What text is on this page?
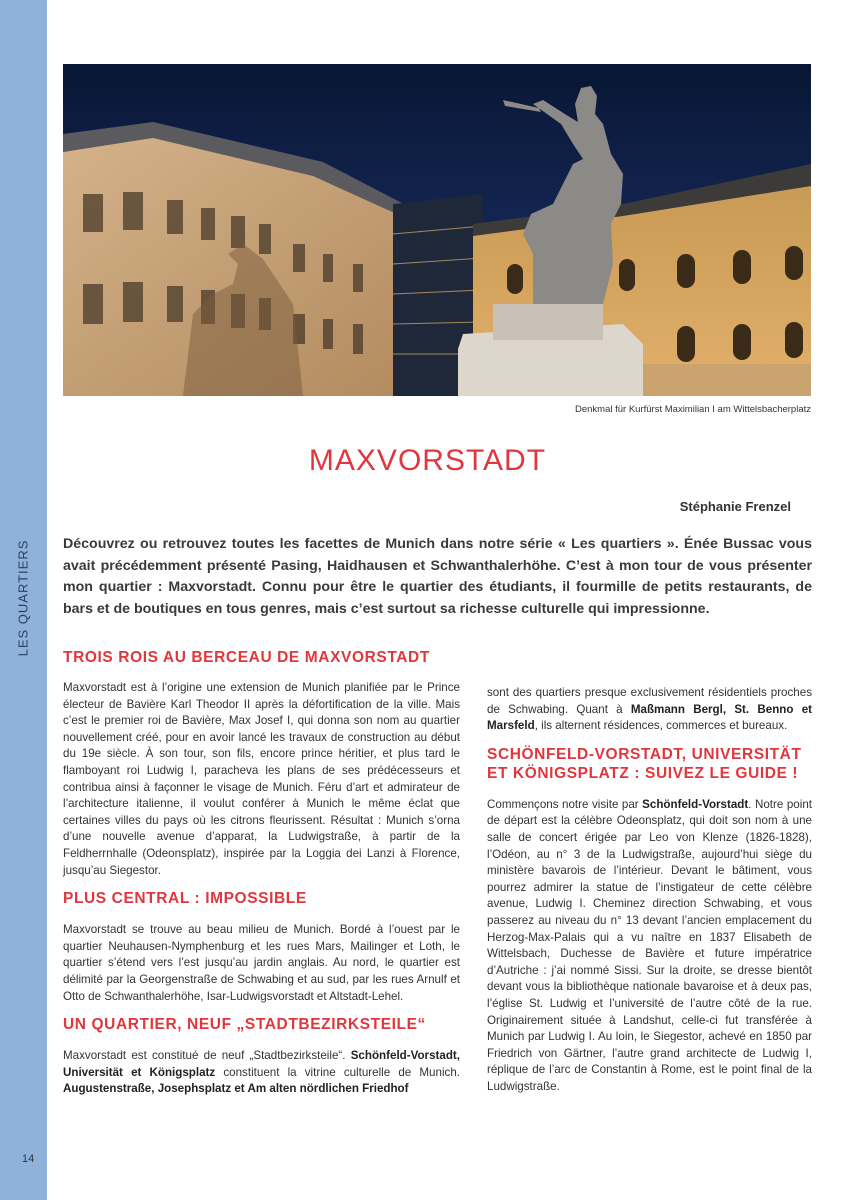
LES QUARTIERS
14
Denkmal für Kurfürst Maximilian I am Wittelsbacherplatz
MAXVORSTADT
Stéphanie Frenzel
Découvrez ou retrouvez toutes les facettes de Munich dans notre série « Les quartiers ». Énée Bussac vous avait précédemment présenté Pasing, Haidhausen et Schwanthalerhöhe. C’est à mon tour de vous présenter mon quartier : Maxvorstadt. Connu pour être le quartier des étudiants, il fourmille de petits restaurants, de bars et de boutiques en tous genres, mais c’est surtout sa richesse culturelle qui impressionne.
TROIS ROIS AU BERCEAU DE MAXVORSTADT

Maxvorstadt est à l’origine une extension de Munich planifiée par le Prince électeur de Bavière Karl Theodor II après la défortification de la ville. Mais c’est le premier roi de Bavière, Max Josef I, qui donna son nom au quartier nouvellement créé, pour en avoir lancé les travaux de construction au début du 19e siècle. À son tour, son fils, encore prince héritier, et plus tard le flamboyant roi Ludwig I, paracheva les plans de ses prédécesseurs et contribua ainsi à façonner le visage de Munich. Féru d’art et admirateur de l’architecture italienne, il voulut conférer à Munich le même éclat que certaines villes du pays où les citrons fleurissent. Résultat : Munich s’orna d’une nouvelle avenue d’apparat, la Ludwigstraße, à partir de la Feldherrnhalle (Odeonsplatz), inspirée par la Loggia dei Lanzi à Florence, jusqu’au Siegestor.

PLUS CENTRAL : IMPOSSIBLE

Maxvorstadt se trouve au beau milieu de Munich. Bordé à l’ouest par le quartier Neuhausen-Nymphenburg et les rues Mars, Mailinger et Loth, le quartier s’étend vers l’est jusqu’au jardin anglais. Au nord, le quartier est délimité par la Georgenstraße de Schwabing et au sud, par les rues Arnulf et Otto de Schwanthalerhöhe, Isar-Ludwigsvorstadt et Altstadt-Lehel.

UN QUARTIER, NEUF „STADTBEZIRKSTEILE“

Maxvorstadt est constitué de neuf „Stadtbezirksteile“. Schönfeld-Vorstadt, Universität et Königsplatz constituent la vitrine culturelle de Munich. Augustenstraße, Josephsplatz et Am alten nördlichen Friedhof

sont des quartiers presque exclusivement résidentiels proches de Schwabing. Quant à Maßmann Bergl, St. Benno et Marsfeld, ils alternent résidences, commerces et bureaux.

SCHÖNFELD-VORSTADT, UNIVERSITÄT ET KÖNIGSPLATZ : SUIVEZ LE GUIDE !

Commençons notre visite par Schönfeld-Vorstadt. Notre point de départ est la célèbre Odeonsplatz, qui doit son nom à une salle de concert érigée par Leo von Klenze (1826-1828), l’Odéon, au n° 3 de la Ludwigstraße, aujourd’hui siège du ministère bavarois de l’intérieur. Devant le bâtiment, vous pourrez admirer la statue de l’instigateur de cette célèbre avenue, Ludwig I. Cheminez direction Schwabing, et vous passerez au niveau du n° 13 devant l’ancien emplacement du Herzog-Max-Palais qui a vu naître en 1837 Elisabeth de Wittelsbach, Duchesse de Bavière et future impératrice d’Autriche : j’ai nommé Sissi. Sur la droite, se dresse bientôt devant vous la bibliothèque nationale bavaroise et à deux pas, l’église St. Ludwig et l’université de l’autre côté de la rue. Originairement située à Landshut, celle-ci fut transférée à Munich par Ludwig I. Au loin, le Siegestor, achevé en 1850 par Friedrich von Gärtner, l’autre grand architecte de Ludwig I, réplique de l’arc de Constantin à Rome, est le point final de la Ludwigstraße.
